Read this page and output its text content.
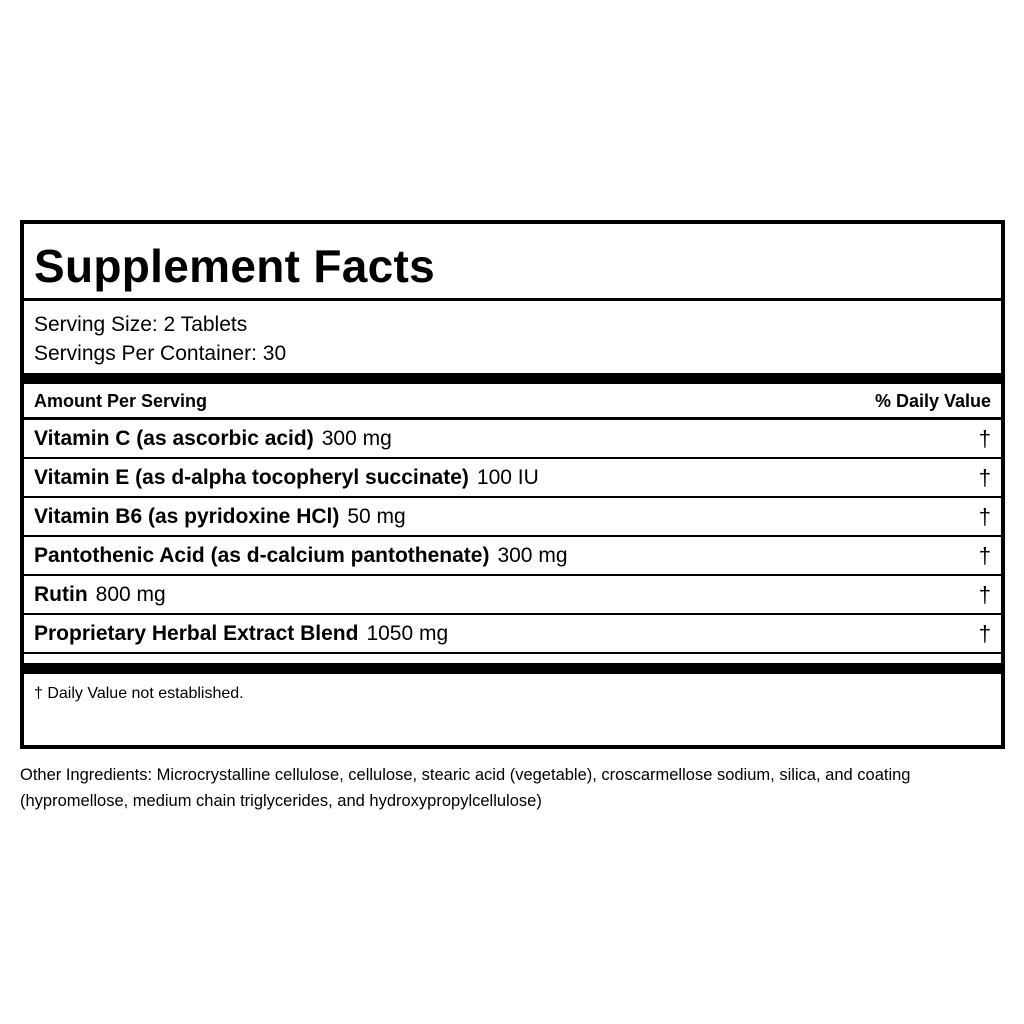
Supplement Facts
Serving Size: 2 Tablets
Servings Per Container: 30
Amount Per Serving	% Daily Value
Vitamin C (as ascorbic acid) 300 mg	†
Vitamin E (as d-alpha tocopheryl succinate) 100 IU	†
Vitamin B6 (as pyridoxine HCl) 50 mg	†
Pantothenic Acid (as d-calcium pantothenate) 300 mg	†
Rutin 800 mg	†
Proprietary Herbal Extract Blend 1050 mg	†
† Daily Value not established.
Other Ingredients: Microcrystalline cellulose, cellulose, stearic acid (vegetable), croscarmellose sodium, silica, and coating (hypromellose, medium chain triglycerides, and hydroxypropylcellulose)
